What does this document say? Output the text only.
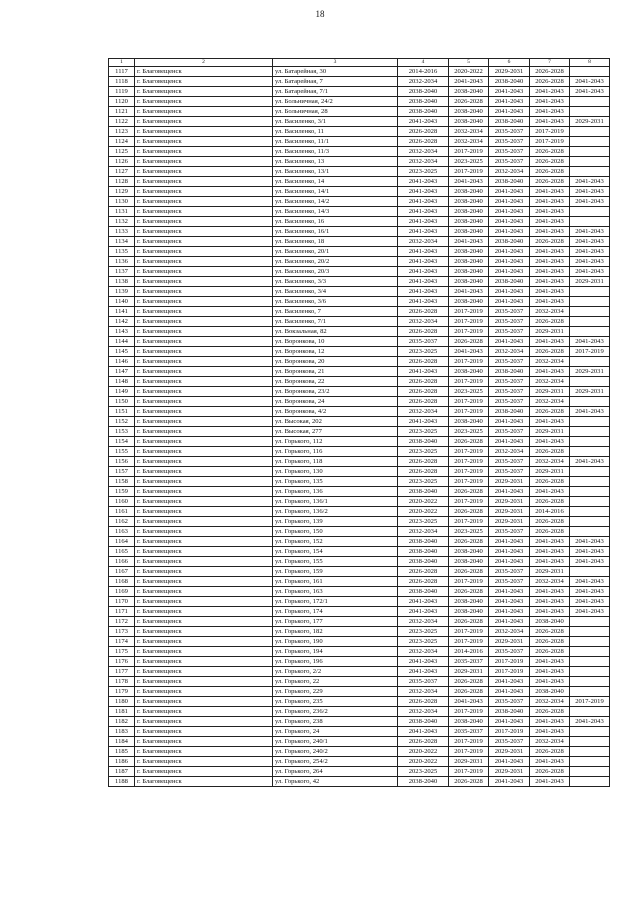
18
1	2	3	4	5	6	7	8
1117	г. Благовещенск	ул. Батарейная, 30	2014-2016	2020-2022	2029-2031	2026-2028	
1118	г. Благовещенск	ул. Батарейная, 7	2032-2034	2041-2043	2038-2040	2026-2028	2041-2043
1119	г. Благовещенск	ул. Батарейная, 7/1	2038-2040	2038-2040	2041-2043	2041-2043	2041-2043
1120	г. Благовещенск	ул. Больничная, 24/2	2038-2040	2026-2028	2041-2043	2041-2043	
1121	г. Благовещенск	ул. Больничная, 28	2038-2040	2038-2040	2041-2043	2041-2043	
1122	г. Благовещенск	ул. Василенко, 3/1	2041-2043	2038-2040	2038-2040	2041-2043	2029-2031
1123	г. Благовещенск	ул. Василенко, 11	2026-2028	2032-2034	2035-2037	2017-2019	
1124	г. Благовещенск	ул. Василенко, 11/1	2026-2028	2032-2034	2035-2037	2017-2019	
1125	г. Благовещенск	ул. Василенко, 11/3	2032-2034	2017-2019	2035-2037	2026-2028	
1126	г. Благовещенск	ул. Василенко, 13	2032-2034	2023-2025	2035-2037	2026-2028	
1127	г. Благовещенск	ул. Василенко, 13/1	2023-2025	2017-2019	2032-2034	2026-2028	
1128	г. Благовещенск	ул. Василенко, 14	2041-2043	2041-2043	2038-2040	2026-2028	2041-2043
1129	г. Благовещенск	ул. Василенко, 14/1	2041-2043	2038-2040	2041-2043	2041-2043	2041-2043
1130	г. Благовещенск	ул. Василенко, 14/2	2041-2043	2038-2040	2041-2043	2041-2043	2041-2043
1131	г. Благовещенск	ул. Василенко, 14/3	2041-2043	2038-2040	2041-2043	2041-2043	
1132	г. Благовещенск	ул. Василенко, 16	2041-2043	2038-2040	2041-2043	2041-2043	
1133	г. Благовещенск	ул. Василенко, 16/1	2041-2043	2038-2040	2041-2043	2041-2043	2041-2043
1134	г. Благовещенск	ул. Василенко, 18	2032-2034	2041-2043	2038-2040	2026-2028	2041-2043
1135	г. Благовещенск	ул. Василенко, 20/1	2041-2043	2038-2040	2041-2043	2041-2043	2041-2043
1136	г. Благовещенск	ул. Василенко, 20/2	2041-2043	2038-2040	2041-2043	2041-2043	2041-2043
1137	г. Благовещенск	ул. Василенко, 20/3	2041-2043	2038-2040	2041-2043	2041-2043	2041-2043
1138	г. Благовещенск	ул. Василенко, 3/3	2041-2043	2038-2040	2038-2040	2041-2043	2029-2031
1139	г. Благовещенск	ул. Василенко, 3/4	2041-2043	2041-2043	2041-2043	2041-2043	
1140	г. Благовещенск	ул. Василенко, 3/6	2041-2043	2038-2040	2041-2043	2041-2043	
1141	г. Благовещенск	ул. Василенко, 7	2026-2028	2017-2019	2035-2037	2032-2034	
1142	г. Благовещенск	ул. Василенко, 7/1	2032-2034	2017-2019	2035-2037	2026-2028	
1143	г. Благовещенск	ул. Вокзальная, 82	2026-2028	2017-2019	2035-2037	2029-2031	
1144	г. Благовещенск	ул. Воронкова, 10	2035-2037	2026-2028	2041-2043	2041-2043	2041-2043
1145	г. Благовещенск	ул. Воронкова, 12	2023-2025	2041-2043	2032-2034	2026-2028	2017-2019
1146	г. Благовещенск	ул. Воронкова, 20	2026-2028	2017-2019	2035-2037	2032-2034	
1147	г. Благовещенск	ул. Воронкова, 21	2041-2043	2038-2040	2038-2040	2041-2043	2029-2031
1148	г. Благовещенск	ул. Воронкова, 22	2026-2028	2017-2019	2035-2037	2032-2034	
1149	г. Благовещенск	ул. Воронкова, 23/2	2026-2028	2023-2025	2035-2037	2029-2031	2029-2031
1150	г. Благовещенск	ул. Воронкова, 24	2026-2028	2017-2019	2035-2037	2032-2034	
1151	г. Благовещенск	ул. Воронкова, 4/2	2032-2034	2017-2019	2038-2040	2026-2028	2041-2043
1152	г. Благовещенск	ул. Высокая, 202	2041-2043	2038-2040	2041-2043	2041-2043	
1153	г. Благовещенск	ул. Высокая, 277	2023-2025	2023-2025	2035-2037	2029-2031	
1154	г. Благовещенск	ул. Горького, 112	2038-2040	2026-2028	2041-2043	2041-2043	
1155	г. Благовещенск	ул. Горького, 116	2023-2025	2017-2019	2032-2034	2026-2028	
1156	г. Благовещенск	ул. Горького, 118	2026-2028	2017-2019	2035-2037	2032-2034	2041-2043
1157	г. Благовещенск	ул. Горького, 130	2026-2028	2017-2019	2035-2037	2029-2031	
1158	г. Благовещенск	ул. Горького, 135	2023-2025	2017-2019	2029-2031	2026-2028	
1159	г. Благовещенск	ул. Горького, 136	2038-2040	2026-2028	2041-2043	2041-2043	
1160	г. Благовещенск	ул. Горького, 136/1	2020-2022	2017-2019	2029-2031	2026-2028	
1161	г. Благовещенск	ул. Горького, 136/2	2020-2022	2026-2028	2029-2031	2014-2016	
1162	г. Благовещенск	ул. Горького, 139	2023-2025	2017-2019	2029-2031	2026-2028	
1163	г. Благовещенск	ул. Горького, 150	2032-2034	2023-2025	2035-2037	2026-2028	
1164	г. Благовещенск	ул. Горького, 152	2038-2040	2026-2028	2041-2043	2041-2043	2041-2043
1165	г. Благовещенск	ул. Горького, 154	2038-2040	2038-2040	2041-2043	2041-2043	2041-2043
1166	г. Благовещенск	ул. Горького, 155	2038-2040	2038-2040	2041-2043	2041-2043	2041-2043
1167	г. Благовещенск	ул. Горького, 159	2026-2028	2026-2028	2035-2037	2029-2031	
1168	г. Благовещенск	ул. Горького, 161	2026-2028	2017-2019	2035-2037	2032-2034	2041-2043
1169	г. Благовещенск	ул. Горького, 163	2038-2040	2026-2028	2041-2043	2041-2043	2041-2043
1170	г. Благовещенск	ул. Горького, 172/1	2041-2043	2038-2040	2041-2043	2041-2043	2041-2043
1171	г. Благовещенск	ул. Горького, 174	2041-2043	2038-2040	2041-2043	2041-2043	2041-2043
1172	г. Благовещенск	ул. Горького, 177	2032-2034	2026-2028	2041-2043	2038-2040	
1173	г. Благовещенск	ул. Горького, 182	2023-2025	2017-2019	2032-2034	2026-2028	
1174	г. Благовещенск	ул. Горького, 190	2023-2025	2017-2019	2029-2031	2026-2028	
1175	г. Благовещенск	ул. Горького, 194	2032-2034	2014-2016	2035-2037	2026-2028	
1176	г. Благовещенск	ул. Горького, 196	2041-2043	2035-2037	2017-2019	2041-2043	
1177	г. Благовещенск	ул. Горького, 2/2	2041-2043	2029-2031	2017-2019	2041-2043	
1178	г. Благовещенск	ул. Горького, 22	2035-2037	2026-2028	2041-2043	2041-2043	
1179	г. Благовещенск	ул. Горького, 229	2032-2034	2026-2028	2041-2043	2038-2040	
1180	г. Благовещенск	ул. Горького, 235	2026-2028	2041-2043	2035-2037	2032-2034	2017-2019
1181	г. Благовещенск	ул. Горького, 236/2	2032-2034	2017-2019	2038-2040	2026-2028	
1182	г. Благовещенск	ул. Горького, 238	2038-2040	2038-2040	2041-2043	2041-2043	2041-2043
1183	г. Благовещенск	ул. Горького, 24	2041-2043	2035-2037	2017-2019	2041-2043	
1184	г. Благовещенск	ул. Горького, 240/1	2026-2028	2017-2019	2035-2037	2032-2034	
1185	г. Благовещенск	ул. Горького, 240/2	2020-2022	2017-2019	2029-2031	2026-2028	
1186	г. Благовещенск	ул. Горького, 254/2	2020-2022	2029-2031	2041-2043	2041-2043	
1187	г. Благовещенск	ул. Горького, 264	2023-2025	2017-2019	2029-2031	2026-2028	
1188	г. Благовещенск	ул. Горького, 42	2038-2040	2026-2028	2041-2043	2041-2043	
